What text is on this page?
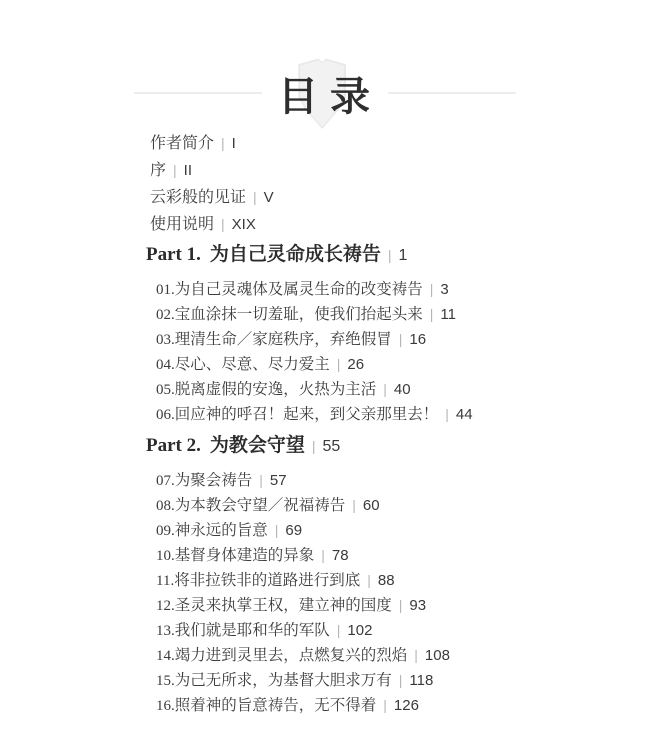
目录
作者简介 | I
序 | II
云彩般的见证 | V
使用说明 | XIX
Part 1. 为自己灵命成长祷告 | 1
01.为自己灵魂体及属灵生命的改变祷告 | 3
02.宝血涂抹一切羞耻，使我们抬起头来 | 11
03.理清生命／家庭秩序，弃绝假冒 | 16
04.尽心、尽意、尽力爱主 | 26
05.脱离虚假的安逸，火热为主活 | 40
06.回应神的呼召！起来，到父亲那里去！ | 44
Part 2. 为教会守望 | 55
07.为聚会祷告 | 57
08.为本教会守望／祝福祷告 | 60
09.神永远的旨意 | 69
10.基督身体建造的异象 | 78
11.将非拉铁非的道路进行到底 | 88
12.圣灵来执掌王权，建立神的国度 | 93
13.我们就是耶和华的军队 | 102
14.竭力进到灵里去，点燃复兴的烈焰 | 108
15.为己无所求，为基督大胆求万有 | 118
16.照着神的旨意祷告，无不得着 | 126
